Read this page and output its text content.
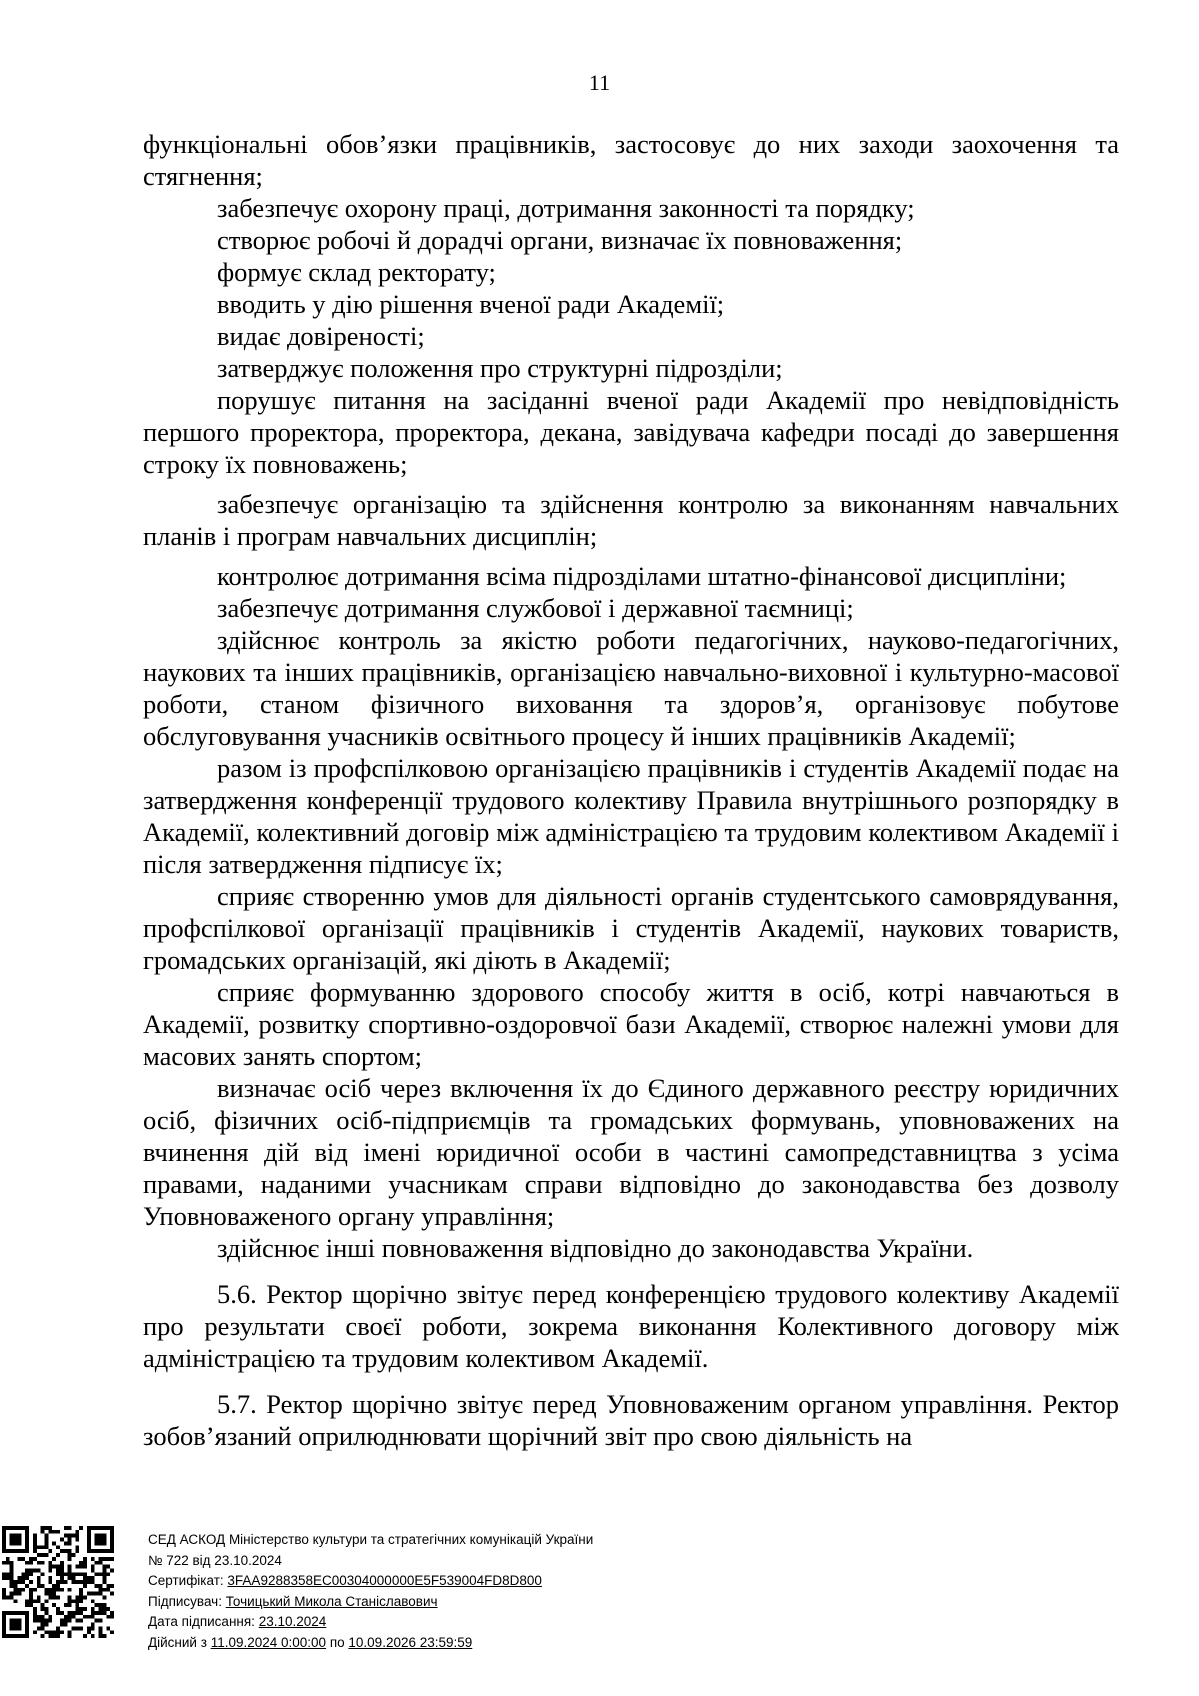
11

функціональні обов’язки працівників, застосовує до них заходи заохочення та стягнення;

забезпечує охорону праці, дотримання законності та порядку;

створює робочі й дорадчі органи, визначає їх повноваження;

формує склад ректорату;

вводить у дію рішення вченої ради Академії;

видає довіреності;

затверджує положення про структурні підрозділи;

порушує питання на засіданні вченої ради Академії про невідповідність першого проректора, проректора, декана, завідувача кафедри посаді до завершення строку їх повноважень;

забезпечує організацію та здійснення контролю за виконанням навчальних планів і програм навчальних дисциплін;

контролює дотримання всіма підрозділами штатно-фінансової дисципліни;

забезпечує дотримання службової і державної таємниці;

здійснює контроль за якістю роботи педагогічних, науково-педагогічних, наукових та інших працівників, організацією навчально-виховної і культурно-масової роботи, станом фізичного виховання та здоров’я, організовує побутове обслуговування учасників освітнього процесу й інших працівників Академії;

разом із профспілковою організацією працівників і студентів Академії подає на затвердження конференції трудового колективу Правила внутрішнього розпорядку в Академії, колективний договір між адміністрацією та трудовим колективом Академії і після затвердження підписує їх;

сприяє створенню умов для діяльності органів студентського самоврядування, профспілкової організації працівників і студентів Академії, наукових товариств, громадських організацій, які діють в Академії;

сприяє формуванню здорового способу життя в осіб, котрі навчаються в Академії, розвитку спортивно-оздоровчої бази Академії, створює належні умови для масових занять спортом;

визначає осіб через включення їх до Єдиного державного реєстру юридичних осіб, фізичних осіб-підприємців та громадських формувань, уповноважених на вчинення дій від імені юридичної особи в частині самопредставництва з усіма правами, наданими учасникам справи відповідно до законодавства без дозволу Уповноваженого органу управління;

здійснює інші повноваження відповідно до законодавства України.

5.6. Ректор щорічно звітує перед конференцією трудового колективу Академії про результати своєї роботи, зокрема виконання Колективного договору між адміністрацією та трудовим колективом Академії.

5.7. Ректор щорічно звітує перед Уповноваженим органом управління. Ректор зобов’язаний оприлюднювати щорічний звіт про свою діяльність на

СЕД АСКОД Міністерство культури та стратегічних комунікацій України
№ 722 від 23.10.2024
Сертифікат: 3FAA9288358EC00304000000E5F539004FD8D800
Підписувач: Точицький Микола Станіславович
Дата підписання: 23.10.2024
Дійсний з 11.09.2024 0:00:00 по 10.09.2026 23:59:59
